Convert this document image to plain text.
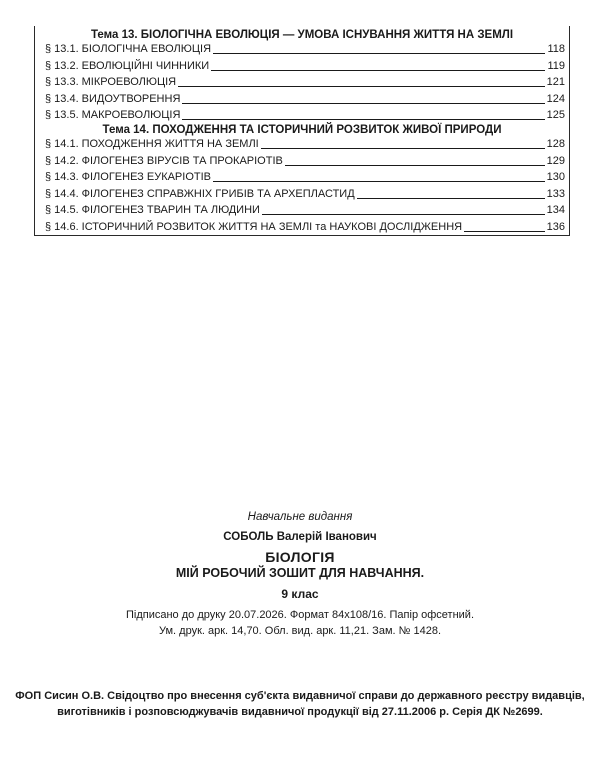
Тема 13. БІОЛОГІЧНА ЕВОЛЮЦІЯ — УМОВА ІСНУВАННЯ ЖИТТЯ НА ЗЕМЛІ
§ 13.1. БІОЛОГІЧНА ЕВОЛЮЦІЯ	118
§ 13.2. ЕВОЛЮЦІЙНІ ЧИННИКИ	119
§ 13.3. МІКРОЕВОЛЮЦІЯ	121
§ 13.4. ВИДОУТВОРЕННЯ	124
§ 13.5. МАКРОЕВОЛЮЦІЯ	125
Тема 14. ПОХОДЖЕННЯ ТА ІСТОРИЧНИЙ РОЗВИТОК ЖИВОЇ ПРИРОДИ
§ 14.1. ПОХОДЖЕННЯ ЖИТТЯ НА ЗЕМЛІ	128
§ 14.2. ФІЛОГЕНЕЗ ВІРУСІВ ТА ПРОКАРІОТІВ	129
§ 14.3. ФІЛОГЕНЕЗ ЕУКАРІОТІВ	130
§ 14.4. ФІЛОГЕНЕЗ СПРАВЖНІХ ГРИБІВ ТА АРХЕПЛАСТИД	133
§ 14.5. ФІЛОГЕНЕЗ ТВАРИН ТА ЛЮДИНИ	134
§ 14.6. ІСТОРИЧНИЙ РОЗВИТОК ЖИТТЯ НА ЗЕМЛІ та НАУКОВІ ДОСЛІДЖЕННЯ	136
Навчальне видання
СОБОЛЬ Валерій Іванович
БІОЛОГІЯ
МІЙ РОБОЧИЙ ЗОШИТ ДЛЯ НАВЧАННЯ.
9 клас
Підписано до друку 20.07.2026. Формат 84х108/16. Папір офсетний.
Ум. друк. арк. 14,70. Обл. вид. арк. 11,21. Зам. № 1428.
ФОП Сисин О.В. Свідоцтво про внесення суб'єкта видавничої справи до державного реєстру видавців,
виготівників і розповсюджувачів видавничої продукції від 27.11.2006 р. Серія ДК №2699.
